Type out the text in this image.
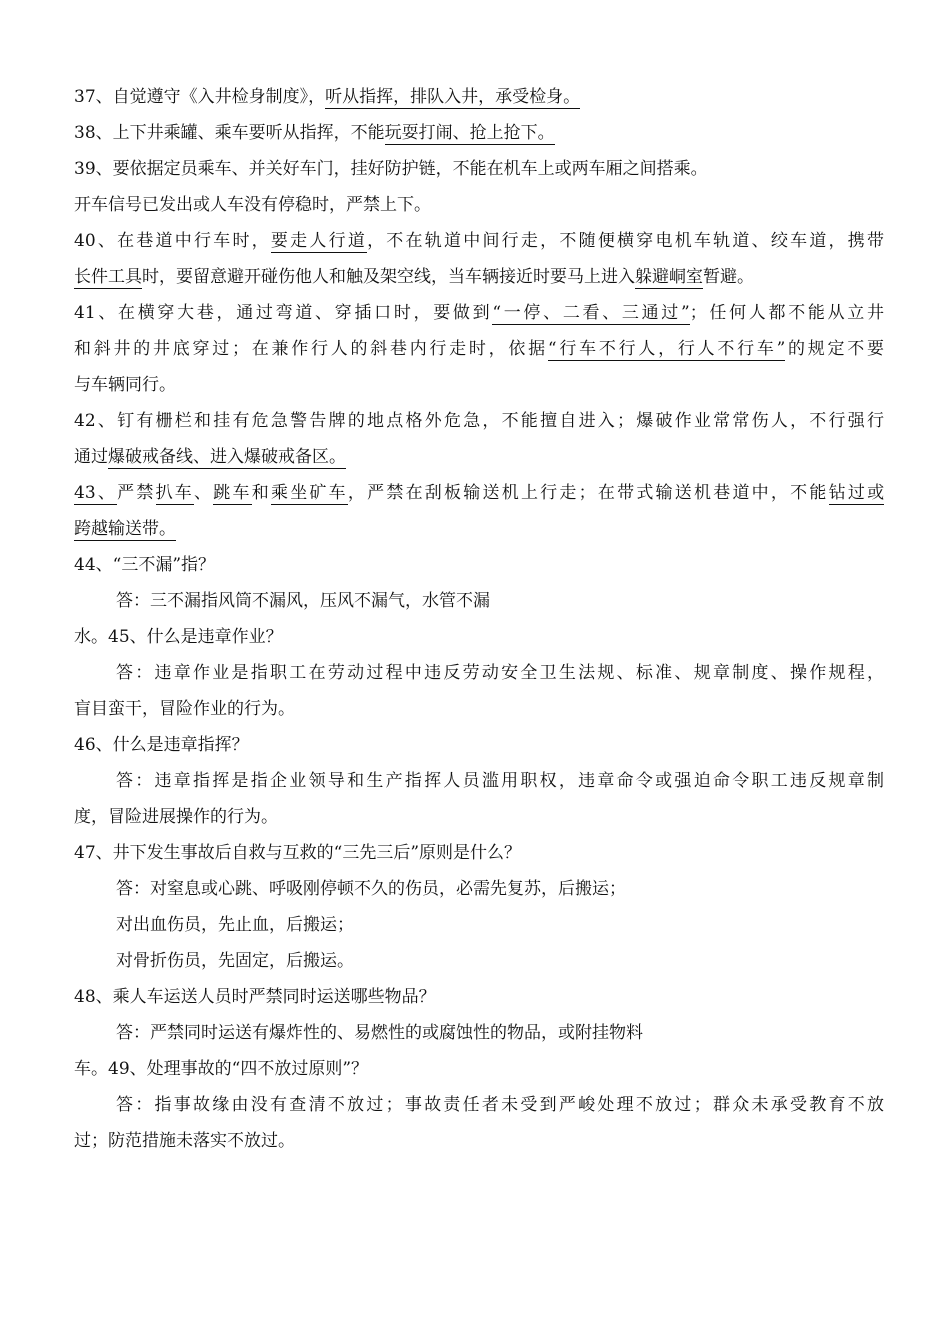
37、自觉遵守《入井检身制度》，听从指挥，排队入井，承受检身。
38、上下井乘罐、乘车要听从指挥，不能玩耍打闹、抢上抢下。
39、要依据定员乘车、并关好车门，挂好防护链，不能在机车上或两车厢之间搭乘。
开车信号已发出或人车没有停稳时，严禁上下。
40、在巷道中行车时，要走人行道，不在轨道中间行走，不随便横穿电机车轨道、绞车道，携带
长件工具时，要留意避开碰伤他人和触及架空线，当车辆接近时要马上进入躲避峒室暂避。
41、在横穿大巷，通过弯道、穿插口时，要做到“一停、二看、三通过”；任何人都不能从立井
和斜井的井底穿过；在兼作行人的斜巷内行走时，依据“行车不行人，行人不行车”的规定不要
与车辆同行。
42、钉有栅栏和挂有危急警告牌的地点格外危急，不能擅自进入；爆破作业常常伤人，不行强行
通过爆破戒备线、进入爆破戒备区。
43、严禁扒车、跳车和乘坐矿车，严禁在刮板输送机上行走；在带式输送机巷道中，不能钻过或
跨越输送带。
44、“三不漏”指？
答：三不漏指风筒不漏风，压风不漏气，水管不漏
水。45、什么是违章作业？
答：违章作业是指职工在劳动过程中违反劳动安全卫生法规、标准、规章制度、操作规程，
盲目蛮干，冒险作业的行为。
46、什么是违章指挥？
答：违章指挥是指企业领导和生产指挥人员滥用职权，违章命令或强迫命令职工违反规章制
度，冒险进展操作的行为。
47、井下发生事故后自救与互救的“三先三后”原则是什么？
答：对窒息或心跳、呼吸刚停顿不久的伤员，必需先复苏，后搬运；
对出血伤员，先止血，后搬运；
对骨折伤员，先固定，后搬运。
48、乘人车运送人员时严禁同时运送哪些物品？
答：严禁同时运送有爆炸性的、易燃性的或腐蚀性的物品，或附挂物料
车。49、处理事故的“四不放过原则”？
答：指事故缘由没有查清不放过；事故责任者未受到严峻处理不放过；群众未承受教育不放
过；防范措施未落实不放过。
